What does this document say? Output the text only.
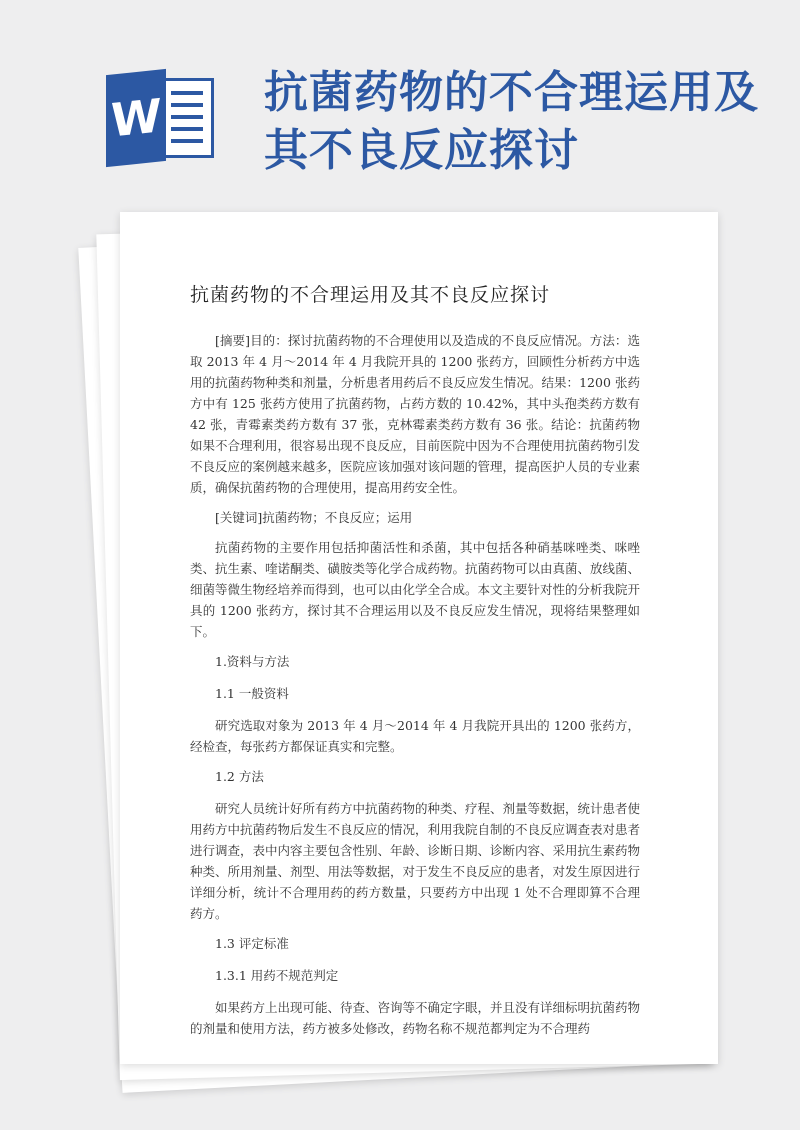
W 抗菌药物的不合理运用及其不良反应探讨
抗菌药物的不合理运用及其不良反应探讨

[摘要]目的：探讨抗菌药物的不合理使用以及造成的不良反应情况。方法：选取 2013 年 4 月～2014 年 4 月我院开具的 1200 张药方，回顾性分析药方中选用的抗菌药物种类和剂量，分析患者用药后不良反应发生情况。结果：1200 张药方中有 125 张药方使用了抗菌药物，占药方数的 10.42%，其中头孢类药方数有 42 张，青霉素类药方数有 37 张，克林霉素类药方数有 36 张。结论：抗菌药物如果不合理利用，很容易出现不良反应，目前医院中因为不合理使用抗菌药物引发不良反应的案例越来越多，医院应该加强对该问题的管理，提高医护人员的专业素质，确保抗菌药物的合理使用，提高用药安全性。

[关键词]抗菌药物；不良反应；运用

抗菌药物的主要作用包括抑菌活性和杀菌，其中包括各种硝基咪唑类、咪唑类、抗生素、喹诺酮类、磺胺类等化学合成药物。抗菌药物可以由真菌、放线菌、细菌等微生物经培养而得到，也可以由化学全合成。本文主要针对性的分析我院开具的 1200 张药方，探讨其不合理运用以及不良反应发生情况，现将结果整理如下。

1.资料与方法

1.1 一般资料

研究选取对象为 2013 年 4 月～2014 年 4 月我院开具出的 1200 张药方，经检查，每张药方都保证真实和完整。

1.2 方法

研究人员统计好所有药方中抗菌药物的种类、疗程、剂量等数据，统计患者使用药方中抗菌药物后发生不良反应的情况，利用我院自制的不良反应调查表对患者进行调查，表中内容主要包含性别、年龄、诊断日期、诊断内容、采用抗生素药物种类、所用剂量、剂型、用法等数据，对于发生不良反应的患者，对发生原因进行详细分析，统计不合理用药的药方数量，只要药方中出现 1 处不合理即算不合理药方。

1.3 评定标准

1.3.1 用药不规范判定

如果药方上出现可能、待查、咨询等不确定字眼，并且没有详细标明抗菌药物的剂量和使用方法，药方被多处修改，药物名称不规范都判定为不合理药
